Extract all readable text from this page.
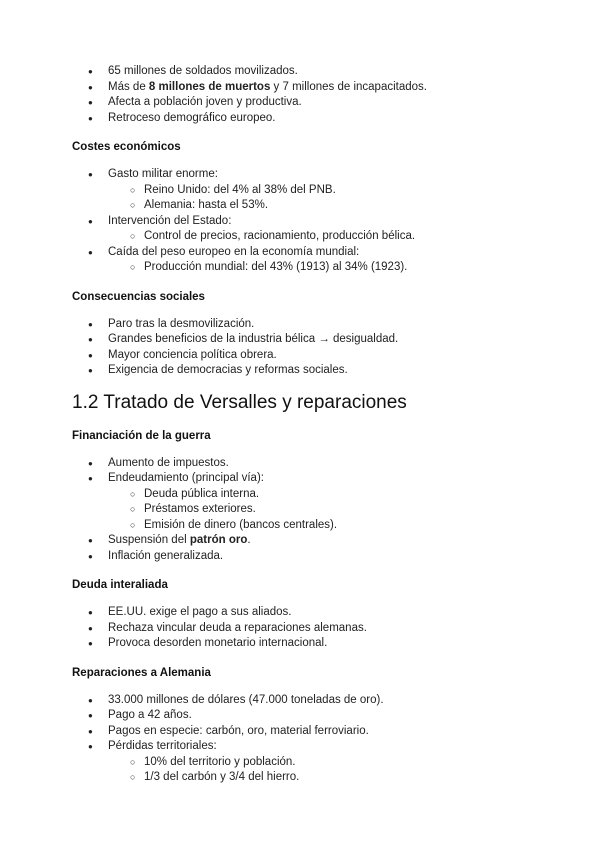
● 65 millones de soldados movilizados.
● Más de 8 millones de muertos y 7 millones de incapacitados.
● Afecta a población joven y productiva.
● Retroceso demográfico europeo.
Costes económicos
● Gasto militar enorme:
○ Reino Unido: del 4% al 38% del PNB.
○ Alemania: hasta el 53%.
● Intervención del Estado:
○ Control de precios, racionamiento, producción bélica.
● Caída del peso europeo en la economía mundial:
○ Producción mundial: del 43% (1913) al 34% (1923).
Consecuencias sociales
● Paro tras la desmovilización.
● Grandes beneficios de la industria bélica → desigualdad.
● Mayor conciencia política obrera.
● Exigencia de democracias y reformas sociales.
1.2 Tratado de Versalles y reparaciones
Financiación de la guerra
● Aumento de impuestos.
● Endeudamiento (principal vía):
○ Deuda pública interna.
○ Préstamos exteriores.
○ Emisión de dinero (bancos centrales).
● Suspensión del patrón oro.
● Inflación generalizada.
Deuda interaliada
● EE.UU. exige el pago a sus aliados.
● Rechaza vincular deuda a reparaciones alemanas.
● Provoca desorden monetario internacional.
Reparaciones a Alemania
● 33.000 millones de dólares (47.000 toneladas de oro).
● Pago a 42 años.
● Pagos en especie: carbón, oro, material ferroviario.
● Pérdidas territoriales:
○ 10% del territorio y población.
○ 1/3 del carbón y 3/4 del hierro.
